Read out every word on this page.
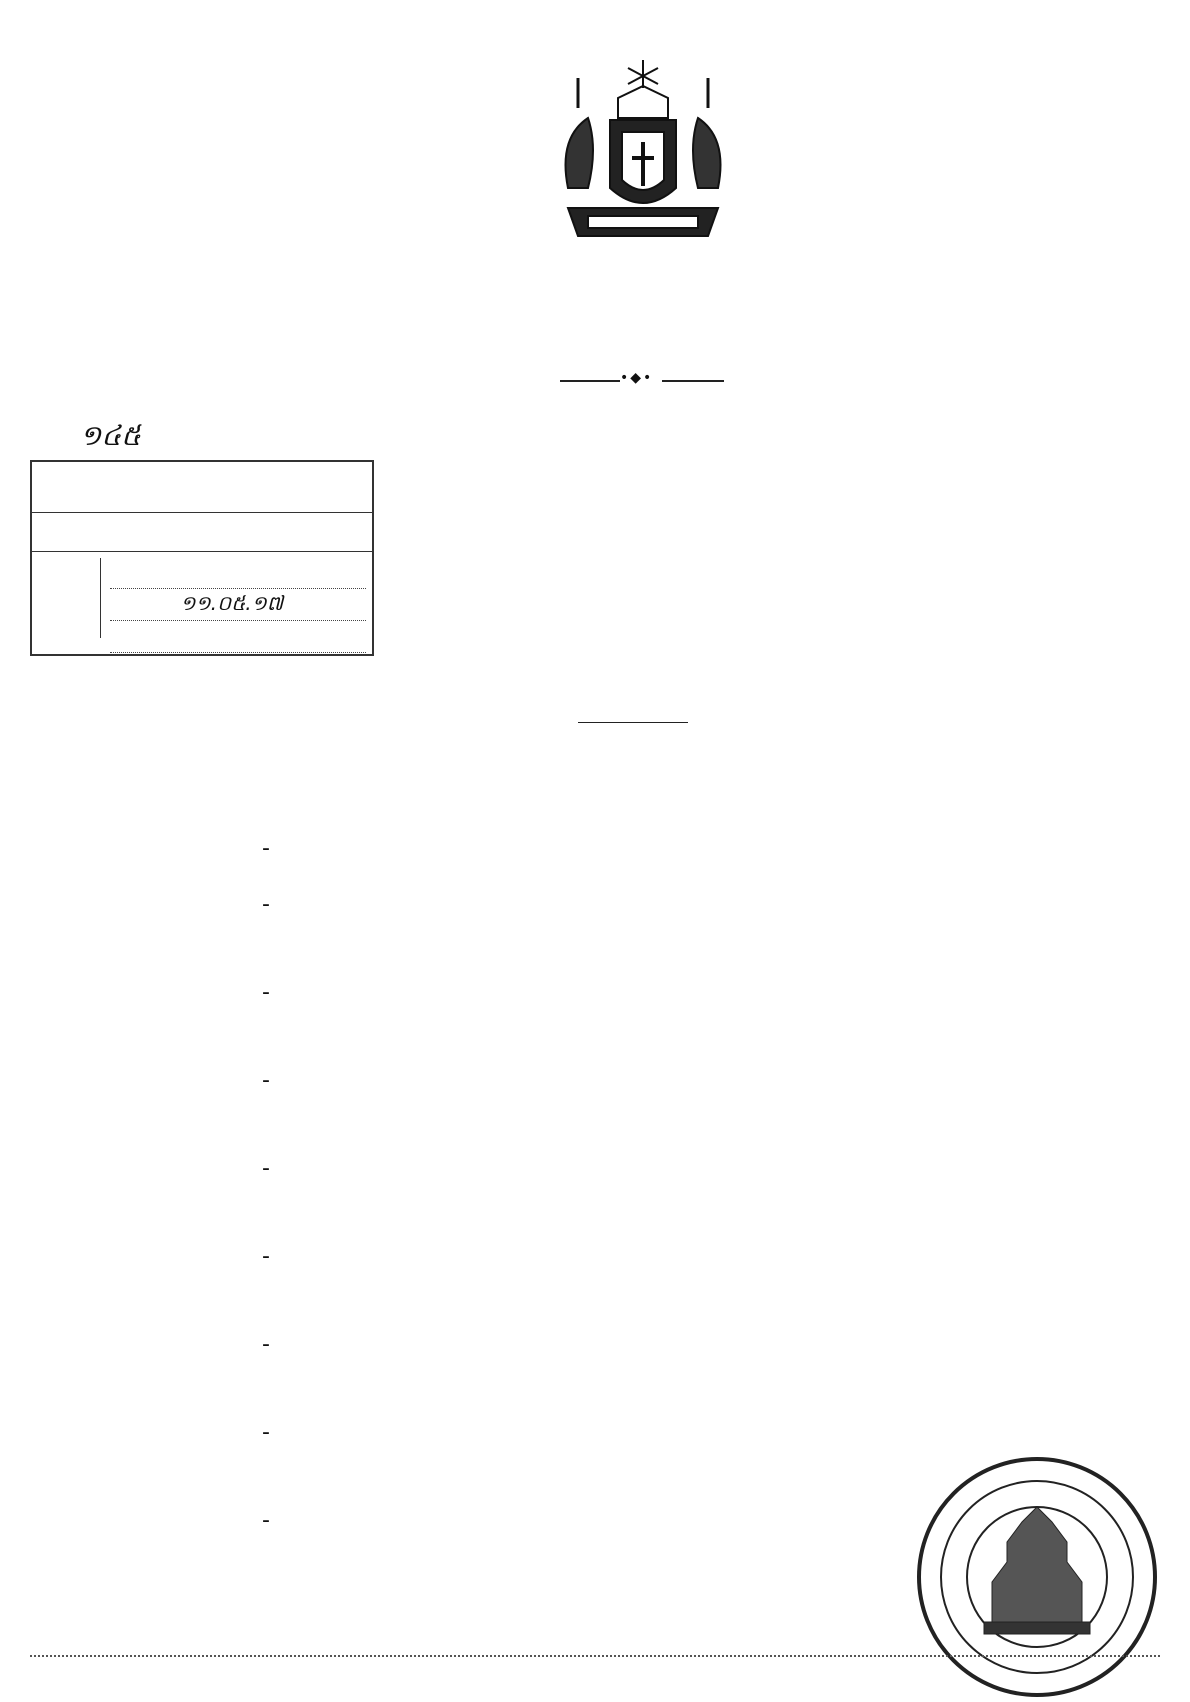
•◆•
១៤៥
១១.០៥.១៧
-
-
-
-
-
-
-
-
-
